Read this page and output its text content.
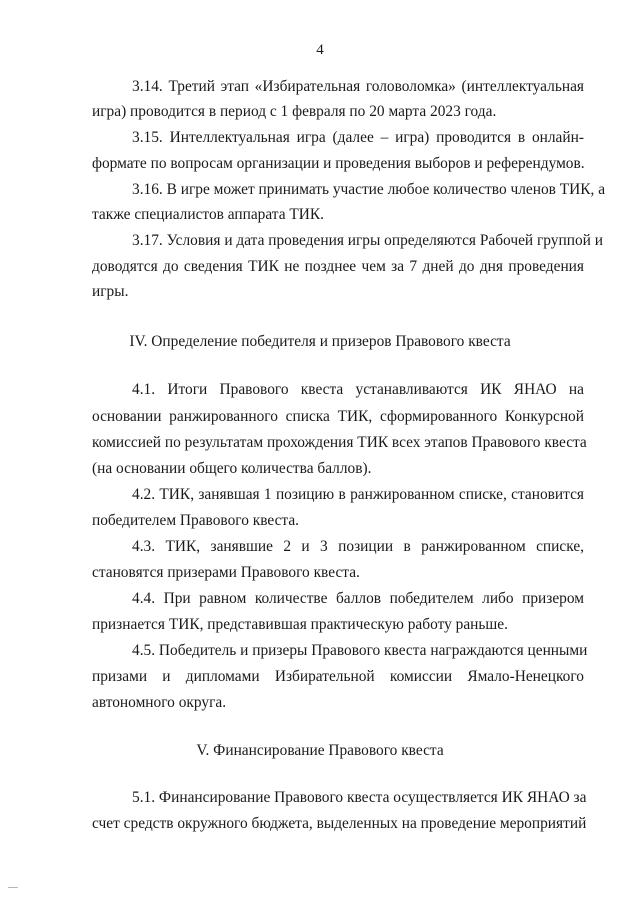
4
3.14. Третий этап «Избирательная головоломка» (интеллектуальная
игра) проводится в период с 1 февраля по 20 марта 2023 года.
3.15. Интеллектуальная игра (далее – игра) проводится в онлайн-
формате по вопросам организации и проведения выборов и референдумов.
3.16. В игре может принимать участие любое количество членов ТИК, а
также специалистов аппарата ТИК.
3.17. Условия и дата проведения игры определяются Рабочей группой и
доводятся до сведения ТИК не позднее чем за 7 дней до дня проведения
игры.
IV. Определение победителя и призеров Правового квеста
4.1. Итоги Правового квеста устанавливаются ИК ЯНАО на
основании ранжированного списка ТИК, сформированного Конкурсной
комиссией по результатам прохождения ТИК всех этапов Правового квеста
(на основании общего количества баллов).
4.2. ТИК, занявшая 1 позицию в ранжированном списке, становится
победителем Правового квеста.
4.3. ТИК, занявшие 2 и 3 позиции в ранжированном списке,
становятся призерами Правового квеста.
4.4. При равном количестве баллов победителем либо призером
признается ТИК, представившая практическую работу раньше.
4.5. Победитель и призеры Правового квеста награждаются ценными
призами и дипломами Избирательной комиссии Ямало-Ненецкого
автономного округа.
V. Финансирование Правового квеста
5.1. Финансирование Правового квеста осуществляется ИК ЯНАО за
счет средств окружного бюджета, выделенных на проведение мероприятий
